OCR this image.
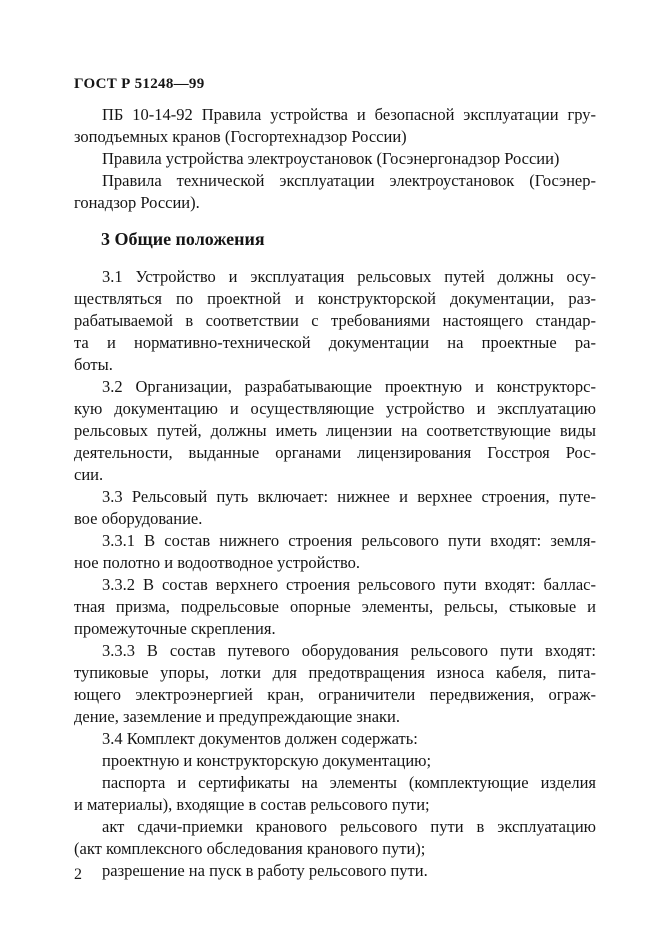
ГОСТ Р 51248—99

ПБ 10-14-92 Правила устройства и безопасной эксплуатации гру-

зоподъемных кранов (Госгортехнадзор России)

Правила устройства электроустановок (Госэнергонадзор России)

Правила технической эксплуатации электроустановок (Госэнер-

гонадзор России).

3 Общие положения

3.1 Устройство и эксплуатация рельсовых путей должны осу-

ществляться по проектной и конструкторской документации, раз-

рабатываемой в соответствии с требованиями настоящего стандар-

та и нормативно-технической документации на проектные ра-

боты.

3.2 Организации, разрабатывающие проектную и конструкторс-

кую документацию и осуществляющие устройство и эксплуатацию

рельсовых путей, должны иметь лицензии на соответствующие виды

деятельности, выданные органами лицензирования Госстроя Рос-

сии.

3.3 Рельсовый путь включает: нижнее и верхнее строения, путе-

вое оборудование.

3.3.1 В состав нижнего строения рельсового пути входят: земля-

ное полотно и водоотводное устройство.

3.3.2 В состав верхнего строения рельсового пути входят: баллас-

тная призма, подрельсовые опорные элементы, рельсы, стыковые и

промежуточные скрепления.

3.3.3 В состав путевого оборудования рельсового пути входят:

тупиковые упоры, лотки для предотвращения износа кабеля, пита-

ющего электроэнергией кран, ограничители передвижения, ограж-

дение, заземление и предупреждающие знаки.

3.4 Комплект документов должен содержать:

проектную и конструкторскую документацию;

паспорта и сертификаты на элементы (комплектующие изделия

и материалы), входящие в состав рельсового пути;

акт сдачи-приемки кранового рельсового пути в эксплуатацию

(акт комплексного обследования кранового пути);

разрешение на пуск в работу рельсового пути.

2
